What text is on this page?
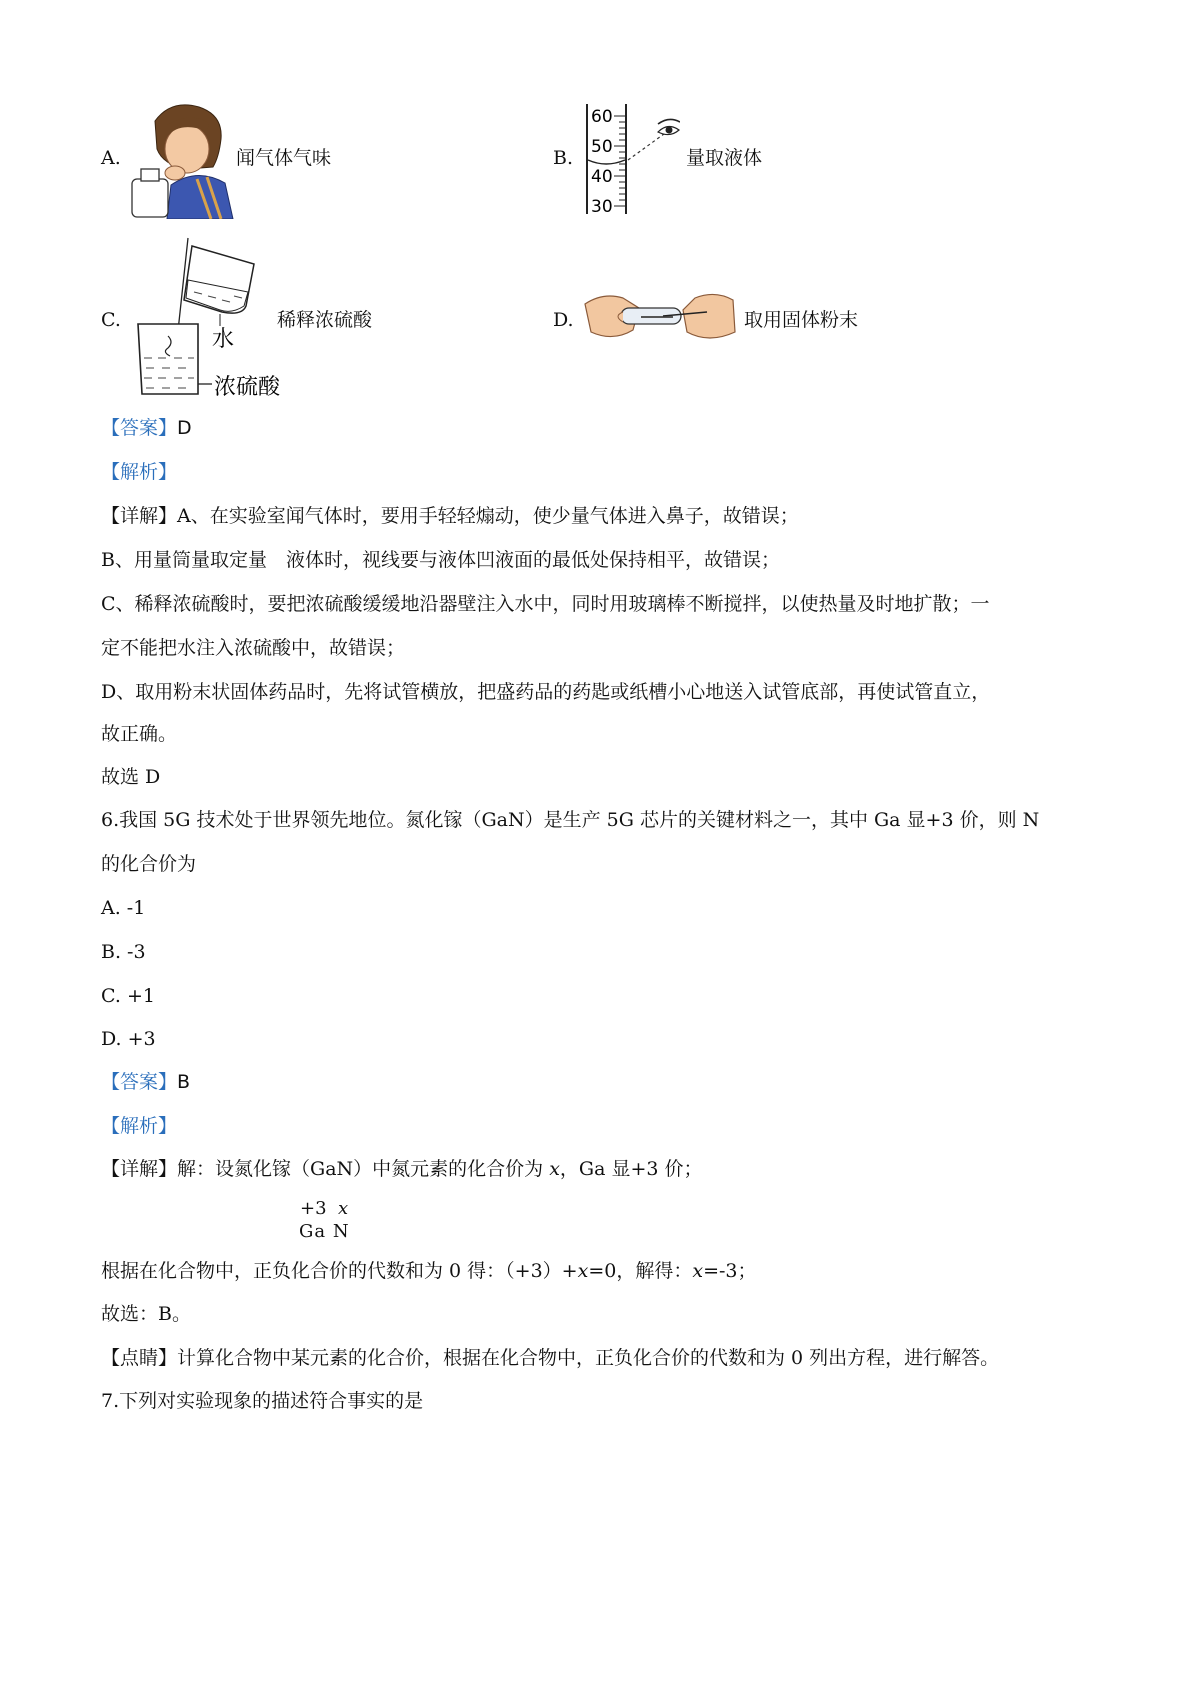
A.	闻气体气味	B.
60
50
40
30
量取液体
C.
水
浓硫酸
稀释浓硫酸	D.	取用固体粉末
【答案】D
【解析】
【详解】A、在实验室闻气体时，要用手轻轻煽动，使少量气体进入鼻子，故错误；
B、用量筒量取定量　液体时，视线要与液体凹液面的最低处保持相平，故错误；
C、稀释浓硫酸时，要把浓硫酸缓缓地沿器壁注入水中，同时用玻璃棒不断搅拌，以使热量及时地扩散；一
定不能把水注入浓硫酸中，故错误；
D、取用粉末状固体药品时，先将试管横放，把盛药品的药匙或纸槽小心地送入试管底部，再使试管直立，
故正确。
故选 D
6.我国 5G 技术处于世界领先地位。氮化镓（GaN）是生产 5G 芯片的关键材料之一，其中 Ga 显+3 价，则 N
的化合价为
A. -1
B. -3
C. +1
D. +3
【答案】B
【解析】
【详解】解：设氮化镓（GaN）中氮元素的化合价为 x，Ga 显+3 价；
+3 x
Ga N
根据在化合物中，正负化合价的代数和为 0 得：（+3）+x=0，解得：x=-3；
故选：B。
【点睛】计算化合物中某元素的化合价，根据在化合物中，正负化合价的代数和为 0 列出方程，进行解答。
7.下列对实验现象的描述符合事实的是
